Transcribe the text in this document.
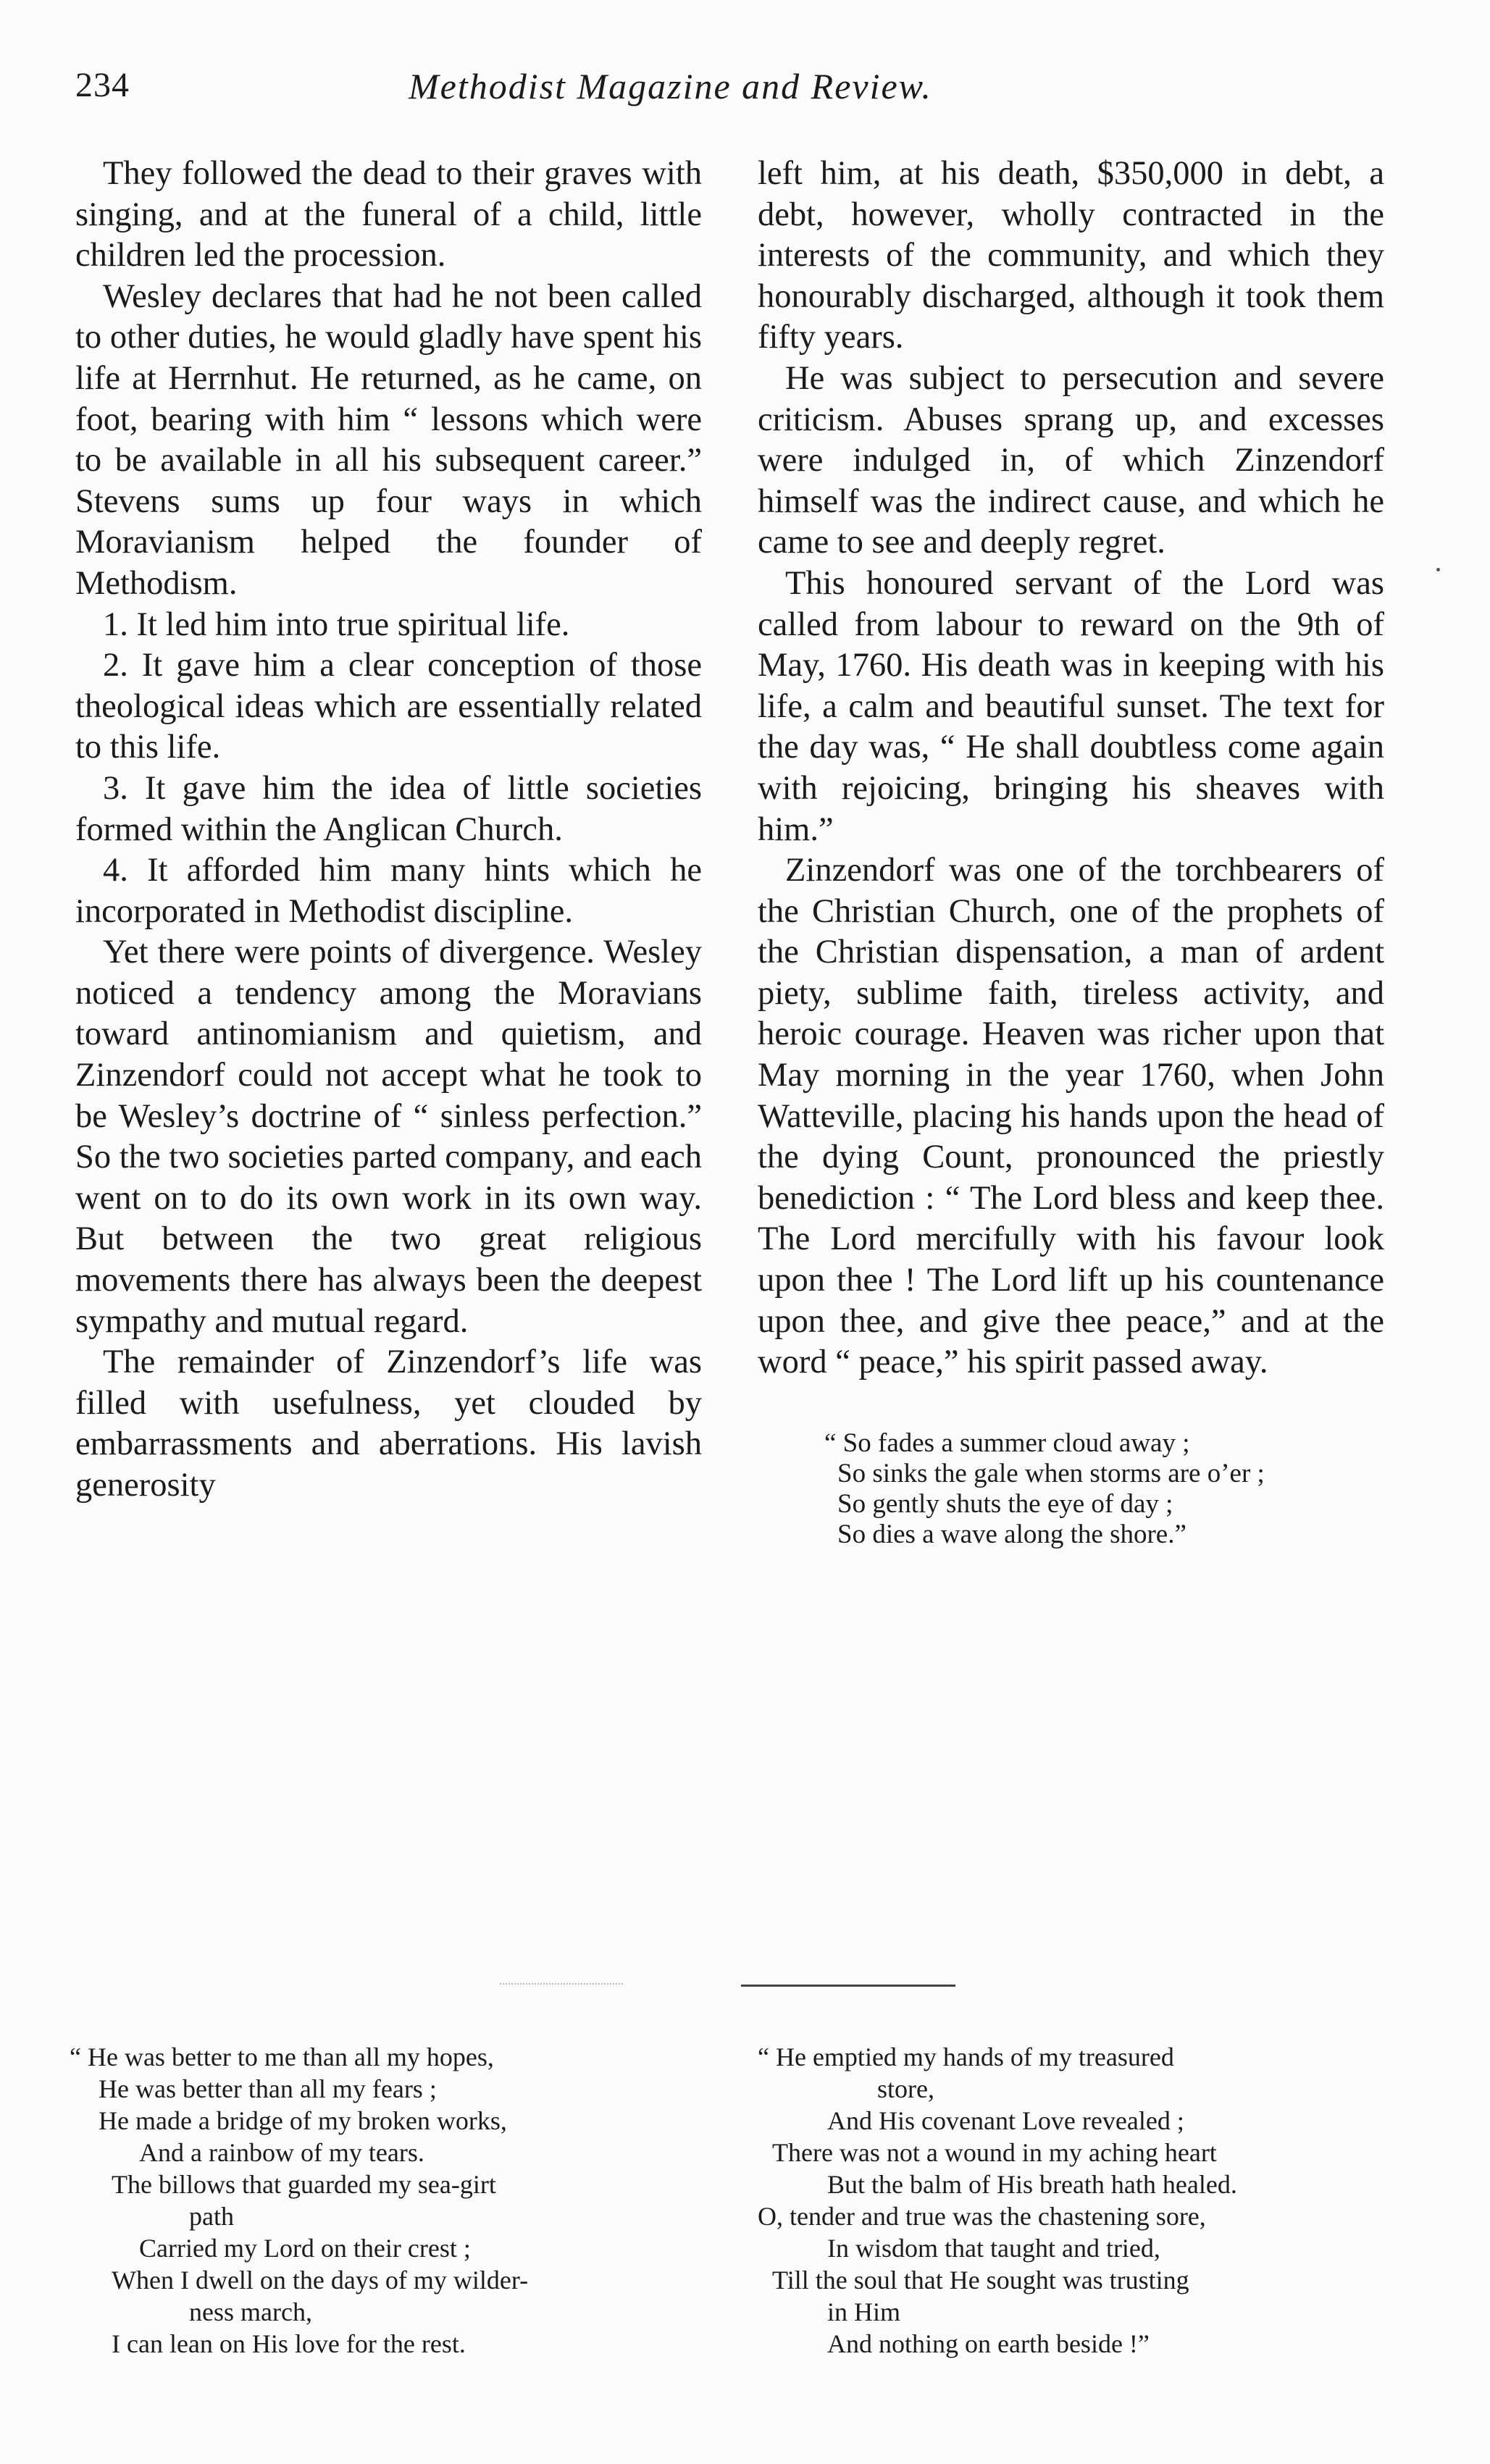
234	Methodist Magazine and Review.

They followed the dead to their graves with singing, and at the funeral of a child, little children led the procession.

Wesley declares that had he not been called to other duties, he would gladly have spent his life at Herrnhut. He returned, as he came, on foot, bearing with him “ lessons which were to be available in all his subsequent career.” Stevens sums up four ways in which Moravianism helped the founder of Methodism.

1. It led him into true spiritual life.

2. It gave him a clear conception of those theological ideas which are essentially related to this life.

3. It gave him the idea of little societies formed within the Anglican Church.

4. It afforded him many hints which he incorporated in Methodist discipline.

Yet there were points of divergence. Wesley noticed a tendency among the Moravians toward antinomianism and quietism, and Zinzendorf could not accept what he took to be Wesley’s doctrine of “ sinless perfection.” So the two societies parted company, and each went on to do its own work in its own way. But between the two great religious movements there has always been the deepest sympathy and mutual regard.

The remainder of Zinzendorf’s life was filled with usefulness, yet clouded by embarrassments and aberrations. His lavish generosity

left him, at his death, $350,000 in debt, a debt, however, wholly contracted in the interests of the community, and which they honourably discharged, although it took them fifty years.

He was subject to persecution and severe criticism. Abuses sprang up, and excesses were indulged in, of which Zinzendorf himself was the indirect cause, and which he came to see and deeply regret.

This honoured servant of the Lord was called from labour to reward on the 9th of May, 1760. His death was in keeping with his life, a calm and beautiful sunset. The text for the day was, “ He shall doubtless come again with rejoicing, bringing his sheaves with him.”

Zinzendorf was one of the torchbearers of the Christian Church, one of the prophets of the Christian dispensation, a man of ardent piety, sublime faith, tireless activity, and heroic courage. Heaven was richer upon that May morning in the year 1760, when John Watteville, placing his hands upon the head of the dying Count, pronounced the priestly benediction : “ The Lord bless and keep thee. The Lord mercifully with his favour look upon thee ! The Lord lift up his countenance upon thee, and give thee peace,” and at the word “ peace,” his spirit passed away.

“ So fades a summer cloud away ;
So sinks the gale when storms are o’er ;
So gently shuts the eye of day ;
So dies a wave along the shore.”
“ He was better to me than all my hopes,
He was better than all my fears ;
He made a bridge of my broken works,
And a rainbow of my tears.
The billows that guarded my sea-girt
path
Carried my Lord on their crest ;
When I dwell on the days of my wilder-
ness march,
I can lean on His love for the rest.
“ He emptied my hands of my treasured
store,
And His covenant Love revealed ;
There was not a wound in my aching heart
But the balm of His breath hath healed.
O, tender and true was the chastening sore,
In wisdom that taught and tried,
Till the soul that He sought was trusting
in Him
And nothing on earth beside !”
